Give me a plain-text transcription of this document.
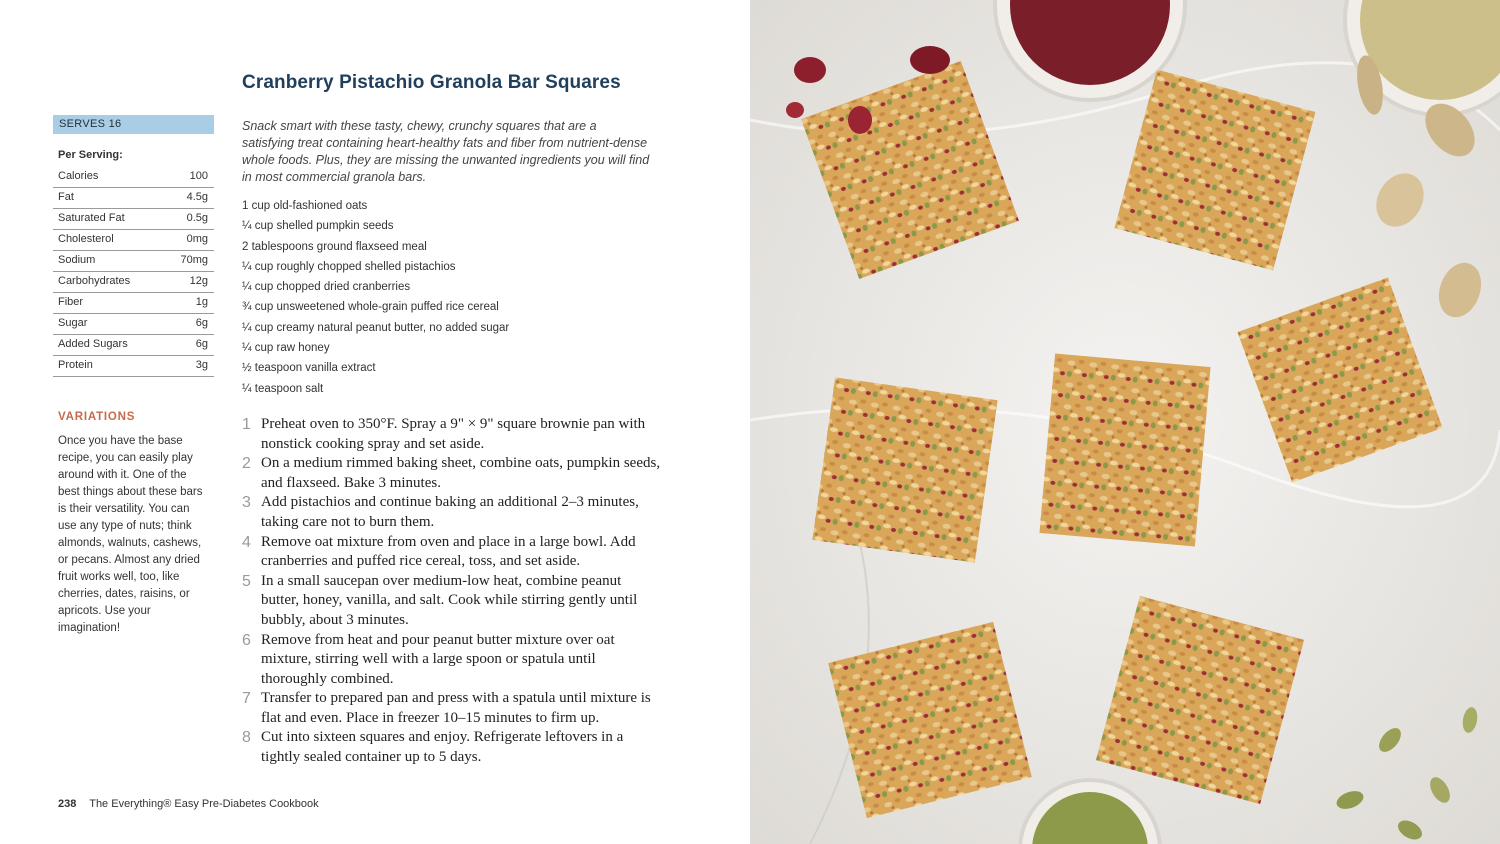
SERVES 16
Per Serving:
Calories	100
Fat	4.5g
Saturated Fat	0.5g
Cholesterol	0mg
Sodium	70mg
Carbohydrates	12g
Fiber	1g
Sugar	6g
Added Sugars	6g
Protein	3g
VARIATIONS
Once you have the base recipe, you can easily play around with it. One of the best things about these bars is their versatility. You can use any type of nuts; think almonds, walnuts, cashews, or pecans. Almost any dried fruit works well, too, like cherries, dates, raisins, or apricots. Use your imagination!
Cranberry Pistachio Granola Bar Squares

Snack smart with these tasty, chewy, crunchy squares that are a satisfying treat containing heart-healthy fats and fiber from nutrient-dense whole foods. Plus, they are missing the unwanted ingredients you will find in most commercial granola bars.

1 cup old-fashioned oats
¼ cup shelled pumpkin seeds
2 tablespoons ground flaxseed meal
¼ cup roughly chopped shelled pistachios
¼ cup chopped dried cranberries
¾ cup unsweetened whole-grain puffed rice cereal
¼ cup creamy natural peanut butter, no added sugar
¼ cup raw honey
½ teaspoon vanilla extract
¼ teaspoon salt
1 Preheat oven to 350°F. Spray a 9" × 9" square brownie pan with nonstick cooking spray and set aside.
2 On a medium rimmed baking sheet, combine oats, pumpkin seeds, and flaxseed. Bake 3 minutes.
3 Add pistachios and continue baking an additional 2–3 minutes, taking care not to burn them.
4 Remove oat mixture from oven and place in a large bowl. Add cranberries and puffed rice cereal, toss, and set aside.
5 In a small saucepan over medium-low heat, combine peanut butter, honey, vanilla, and salt. Cook while stirring gently until bubbly, about 3 minutes.
6 Remove from heat and pour peanut butter mixture over oat mixture, stirring well with a large spoon or spatula until thoroughly combined.
7 Transfer to prepared pan and press with a spatula until mixture is flat and even. Place in freezer 10–15 minutes to firm up.
8 Cut into sixteen squares and enjoy. Refrigerate leftovers in a tightly sealed container up to 5 days.
238 The Everything® Easy Pre-Diabetes Cookbook
